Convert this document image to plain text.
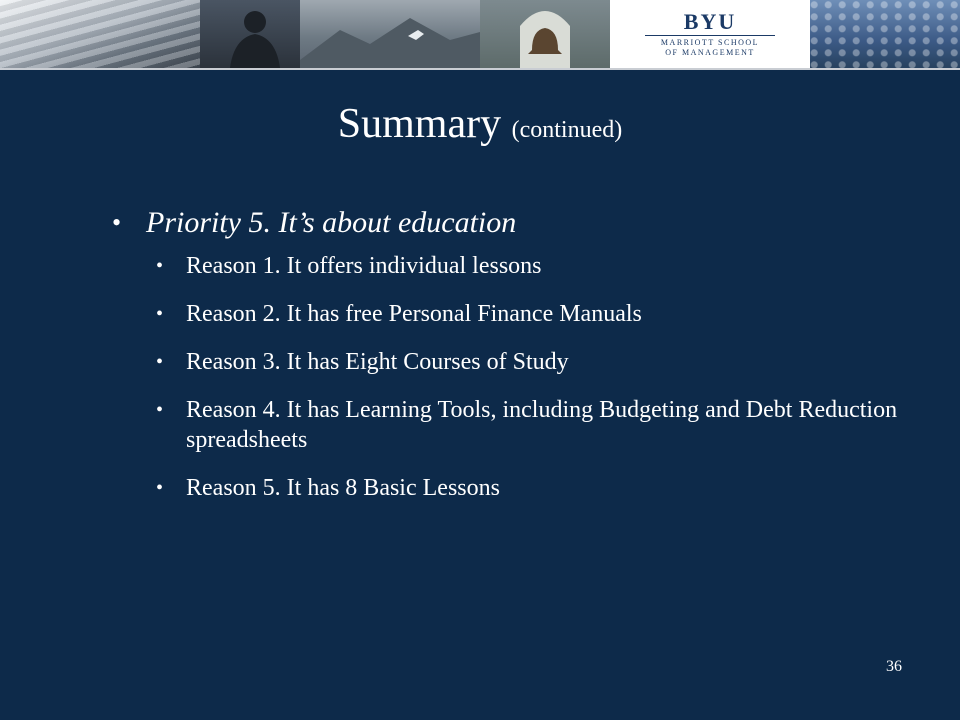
BYU
MARRIOTT SCHOOL
OF MANAGEMENT
Summary (continued)
• Priority 5. It’s about education
• Reason 1. It offers individual lessons
• Reason 2. It has free Personal Finance Manuals
• Reason 3. It has Eight Courses of Study
• Reason 4. It has Learning Tools, including Budgeting and Debt Reduction spreadsheets
• Reason 5. It has 8 Basic Lessons
36
